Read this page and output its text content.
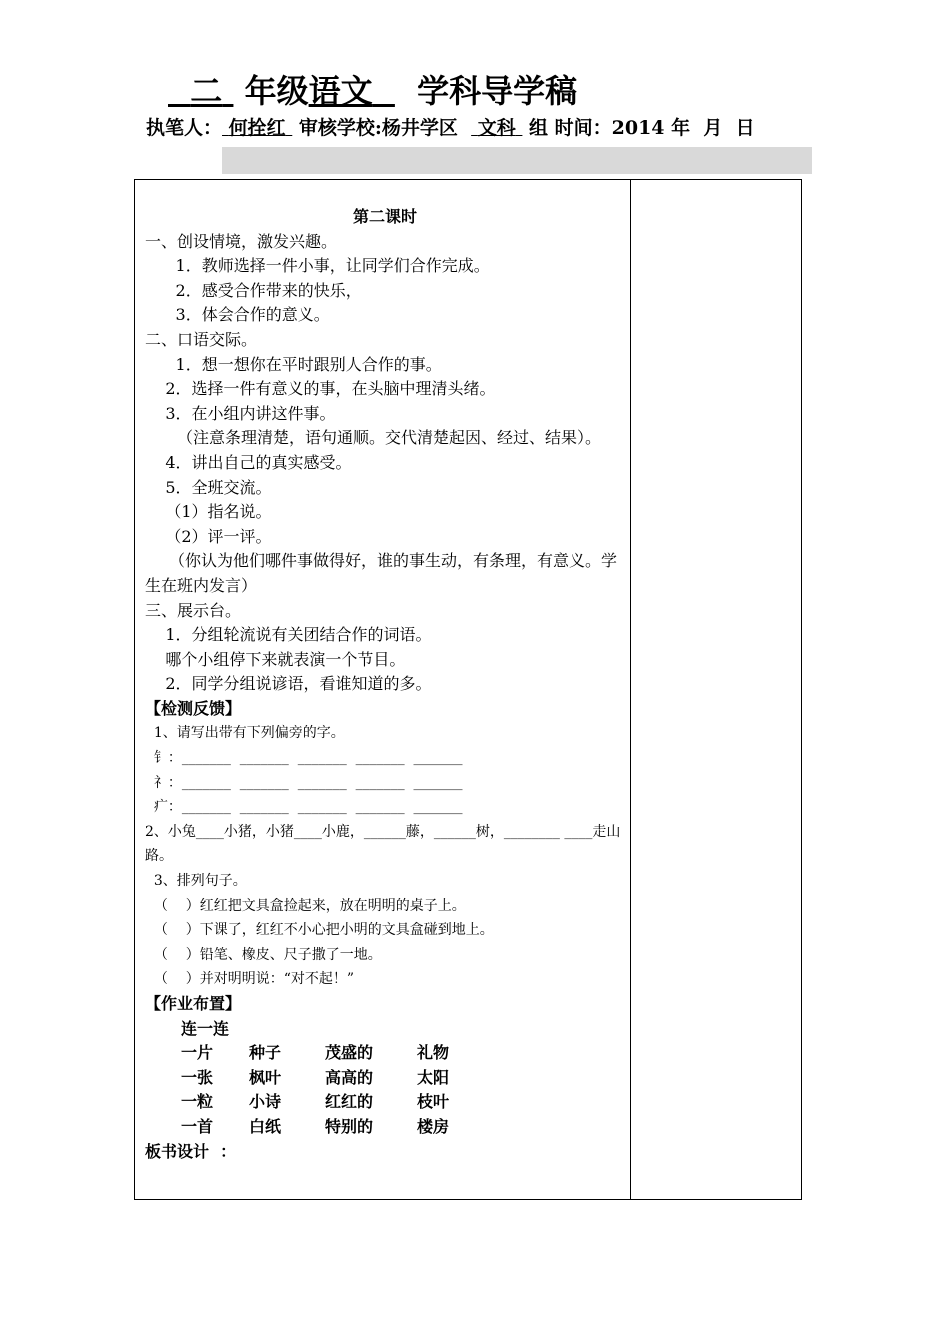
二  年级语文    学科导学稿
执笔人： 何拴红  审核学校:杨井学区   文科  组 时间：2014 年  月  日
第二课时
一、创设情境，激发兴趣。
1．教师选择一件小事，让同学们合作完成。
2．感受合作带来的快乐，
3．体会合作的意义。
二、口语交际。
1．想一想你在平时跟别人合作的事。
2．选择一件有意义的事，在头脑中理清头绪。
3．在小组内讲这件事。
（注意条理清楚，语句通顺。交代清楚起因、经过、结果）。
4．讲出自己的真实感受。
5．全班交流。
（1）指名说。
（2）评一评。
（你认为他们哪件事做得好，谁的事生动，有条理，有意义。学生在班内发言）
三、展示台。
1．分组轮流说有关团结合作的词语。
哪个小组停下来就表演一个节目。
2．同学分组说谚语，看谁知道的多。
【检测反馈】
1、请写出带有下列偏旁的字。
钅：_______  _______  _______  _______  _______
礻：_______  _______  _______  _______  _______
疒：_______  _______  _______  _______  _______
2、小兔____小猪，小猪____小鹿，______藤，______树，________ ____走山路。
3、排列句子。
（    ）红红把文具盒捡起来，放在明明的桌子上。
（    ）下课了，红红不小心把小明的文具盒碰到地上。
（    ）铅笔、橡皮、尺子撒了一地。
（    ）并对明明说：“对不起！”
【作业布置】
连一连
一片 种子	茂盛的	礼物
一张 枫叶	高高的	太阳
一粒 小诗	红红的	枝叶
一首 白纸	特别的	楼房
板书设计  ：
